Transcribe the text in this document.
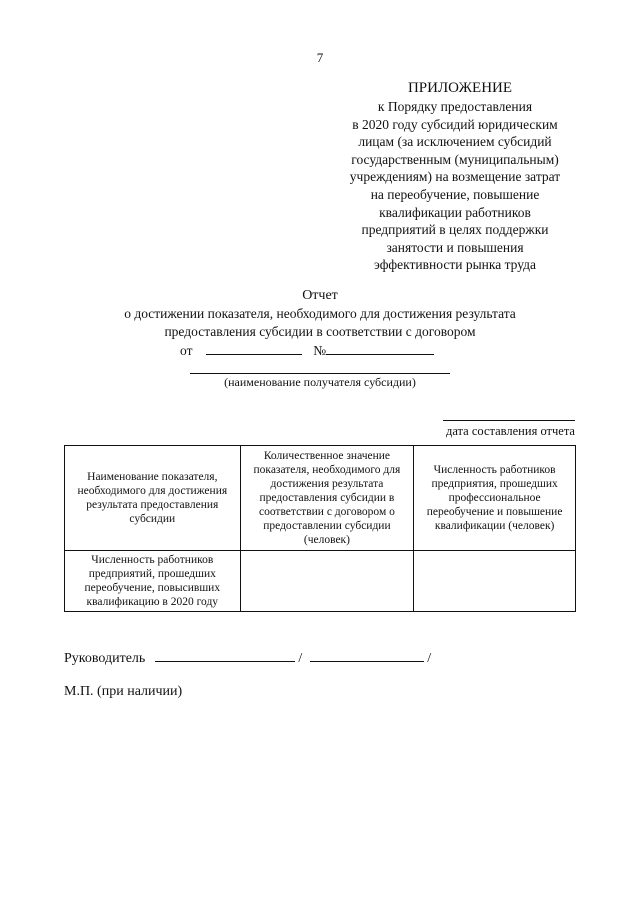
7
ПРИЛОЖЕНИЕ
к Порядку предоставления
в 2020 году субсидий юридическим
лицам (за исключением субсидий
государственным (муниципальным)
учреждениям) на возмещение затрат
на переобучение, повышение
квалификации работников
предприятий в целях поддержки
занятости и повышения
эффективности рынка труда
Отчет
о достижении показателя, необходимого для достижения результата
предоставления субсидии в соответствии с договором
от	№
(наименование получателя субсидии)
дата составления отчета
Наименование показателя, необходимого для достижения результата предоставления субсидии	Количественное значение показателя, необходимого для достижения результата предоставления субсидии в соответствии с договором о предоставлении субсидии (человек)	Численность работников предприятия, прошедших профессиональное переобучение и повышение квалификации (человек)
Численность работников предприятий, прошедших переобучение, повысивших квалификацию в 2020 году		
Руководитель	/	/
М.П. (при наличии)
